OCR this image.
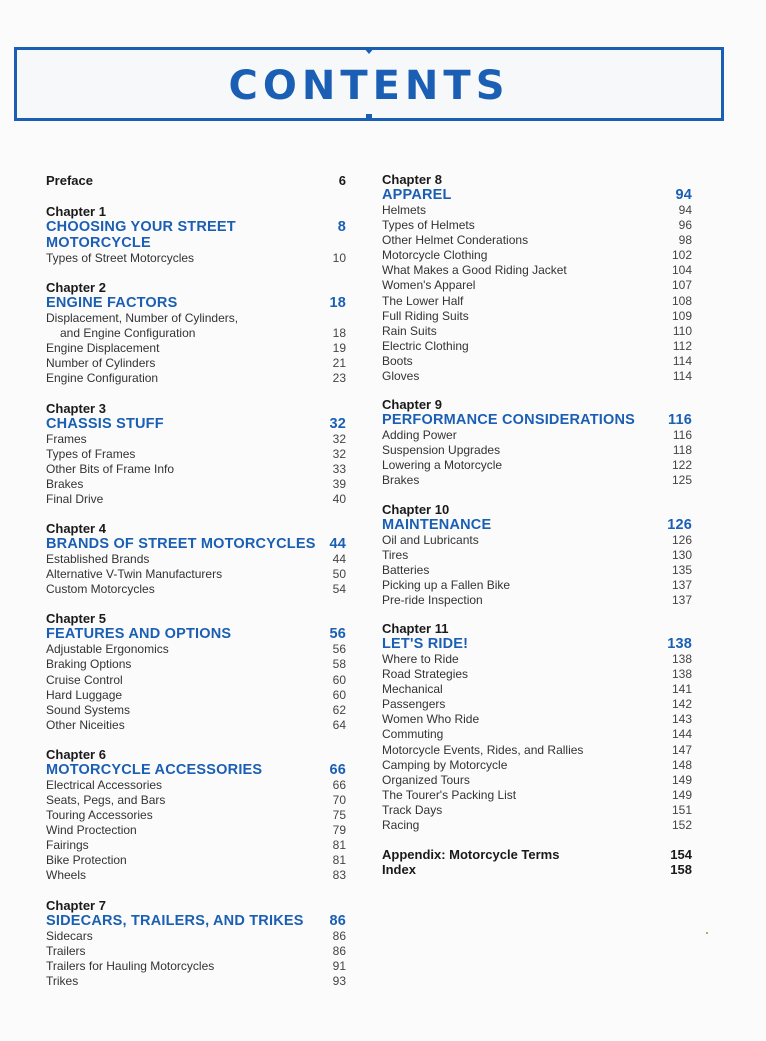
CONTENTS
Preface	6
Chapter 1
CHOOSING YOUR STREET MOTORCYCLE
8
Types of Street Motorcycles	10
Chapter 2
ENGINE FACTORS	18
Displacement, Number of Cylinders,
and Engine Configuration	18
Engine Displacement	19
Number of Cylinders	21
Engine Configuration	23
Chapter 3
CHASSIS STUFF	32
Frames	32
Types of Frames	32
Other Bits of Frame Info	33
Brakes	39
Final Drive	40
Chapter 4
BRANDS OF STREET MOTORCYCLES 44
Established Brands	44
Alternative V-Twin Manufacturers	50
Custom Motorcycles	54
Chapter 5
FEATURES AND OPTIONS	56
Adjustable Ergonomics	56
Braking Options	58
Cruise Control	60
Hard Luggage	60
Sound Systems	62
Other Niceities	64
Chapter 6
MOTORCYCLE ACCESSORIES	66
Electrical Accessories	66
Seats, Pegs, and Bars	70
Touring Accessories	75
Wind Proctection	79
Fairings	81
Bike Protection	81
Wheels	83
Chapter 7
SIDECARS, TRAILERS, AND TRIKES 86
Sidecars	86
Trailers	86
Trailers for Hauling Motorcycles	91
Trikes	93
Chapter 8
APPAREL	94
Helmets	94
Types of Helmets	96
Other Helmet Conderations	98
Motorcycle Clothing	102
What Makes a Good Riding Jacket	104
Women's Apparel	107
The Lower Half	108
Full Riding Suits	109
Rain Suits	110
Electric Clothing	112
Boots	114
Gloves	114
Chapter 9
PERFORMANCE CONSIDERATIONS 116
Adding Power	116
Suspension Upgrades	118
Lowering a Motorcycle	122
Brakes	125
Chapter 10
MAINTENANCE	126
Oil and Lubricants	126
Tires	130
Batteries	135
Picking up a Fallen Bike	137
Pre-ride Inspection	137
Chapter 11
LET'S RIDE!	138
Where to Ride	138
Road Strategies	138
Mechanical	141
Passengers	142
Women Who Ride	143
Commuting	144
Motorcycle Events, Rides, and Rallies	147
Camping by Motorcycle	148
Organized Tours	149
The Tourer's Packing List	149
Track Days	151
Racing	152
Appendix: Motorcycle Terms	154
Index	158
